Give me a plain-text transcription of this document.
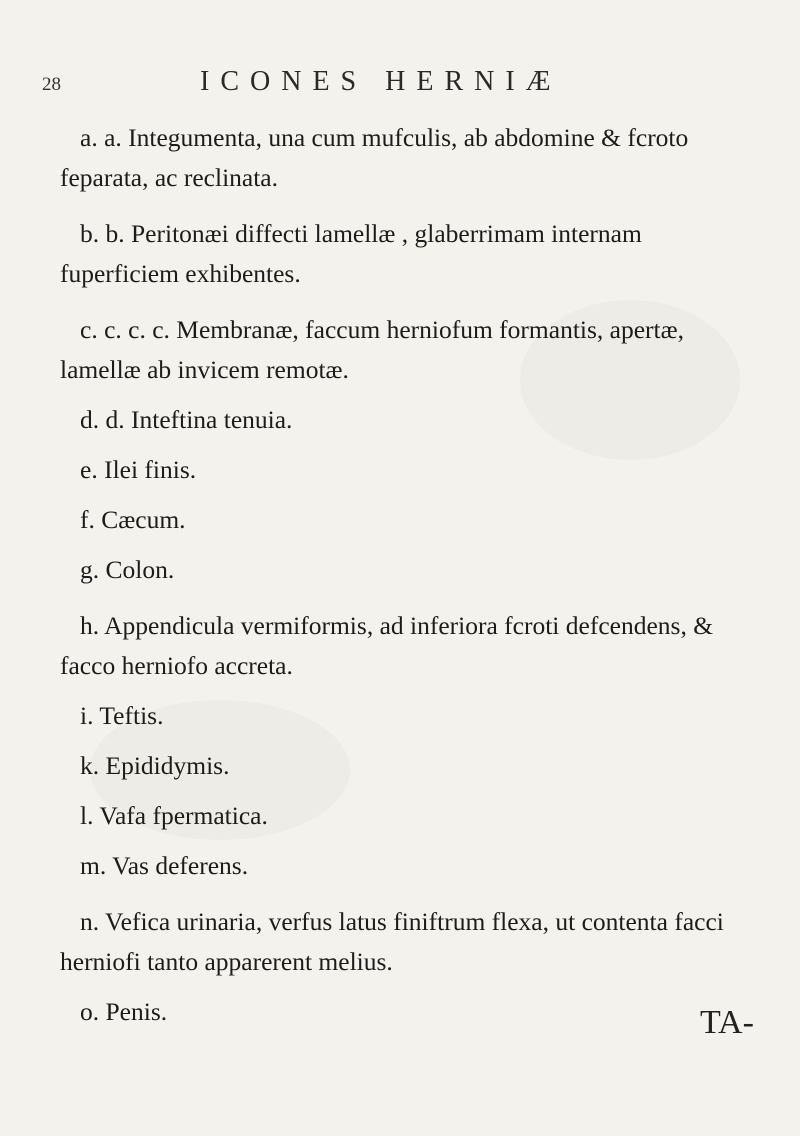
28	ICONES HERNIÆ

a. a. Integumenta, una cum mufculis, ab abdomine & fcroto feparata, ac reclinata.

b. b. Peritonæi diffecti lamellæ , glaberrimam internam fuperficiem exhibentes.

c. c. c. c. Membranæ, faccum herniofum formantis, apertæ, lamellæ ab invicem remotæ.

d. d. Inteftina tenuia.

e. Ilei finis.

f. Cæcum.

g. Colon.

h. Appendicula vermiformis, ad inferiora fcroti defcendens, & facco herniofo accreta.

i. Teftis.

k. Epididymis.

l. Vafa fpermatica.

m. Vas deferens.

n. Vefica urinaria, verfus latus finiftrum flexa, ut contenta facci herniofi tanto apparerent melius.

o. Penis.	TA-
